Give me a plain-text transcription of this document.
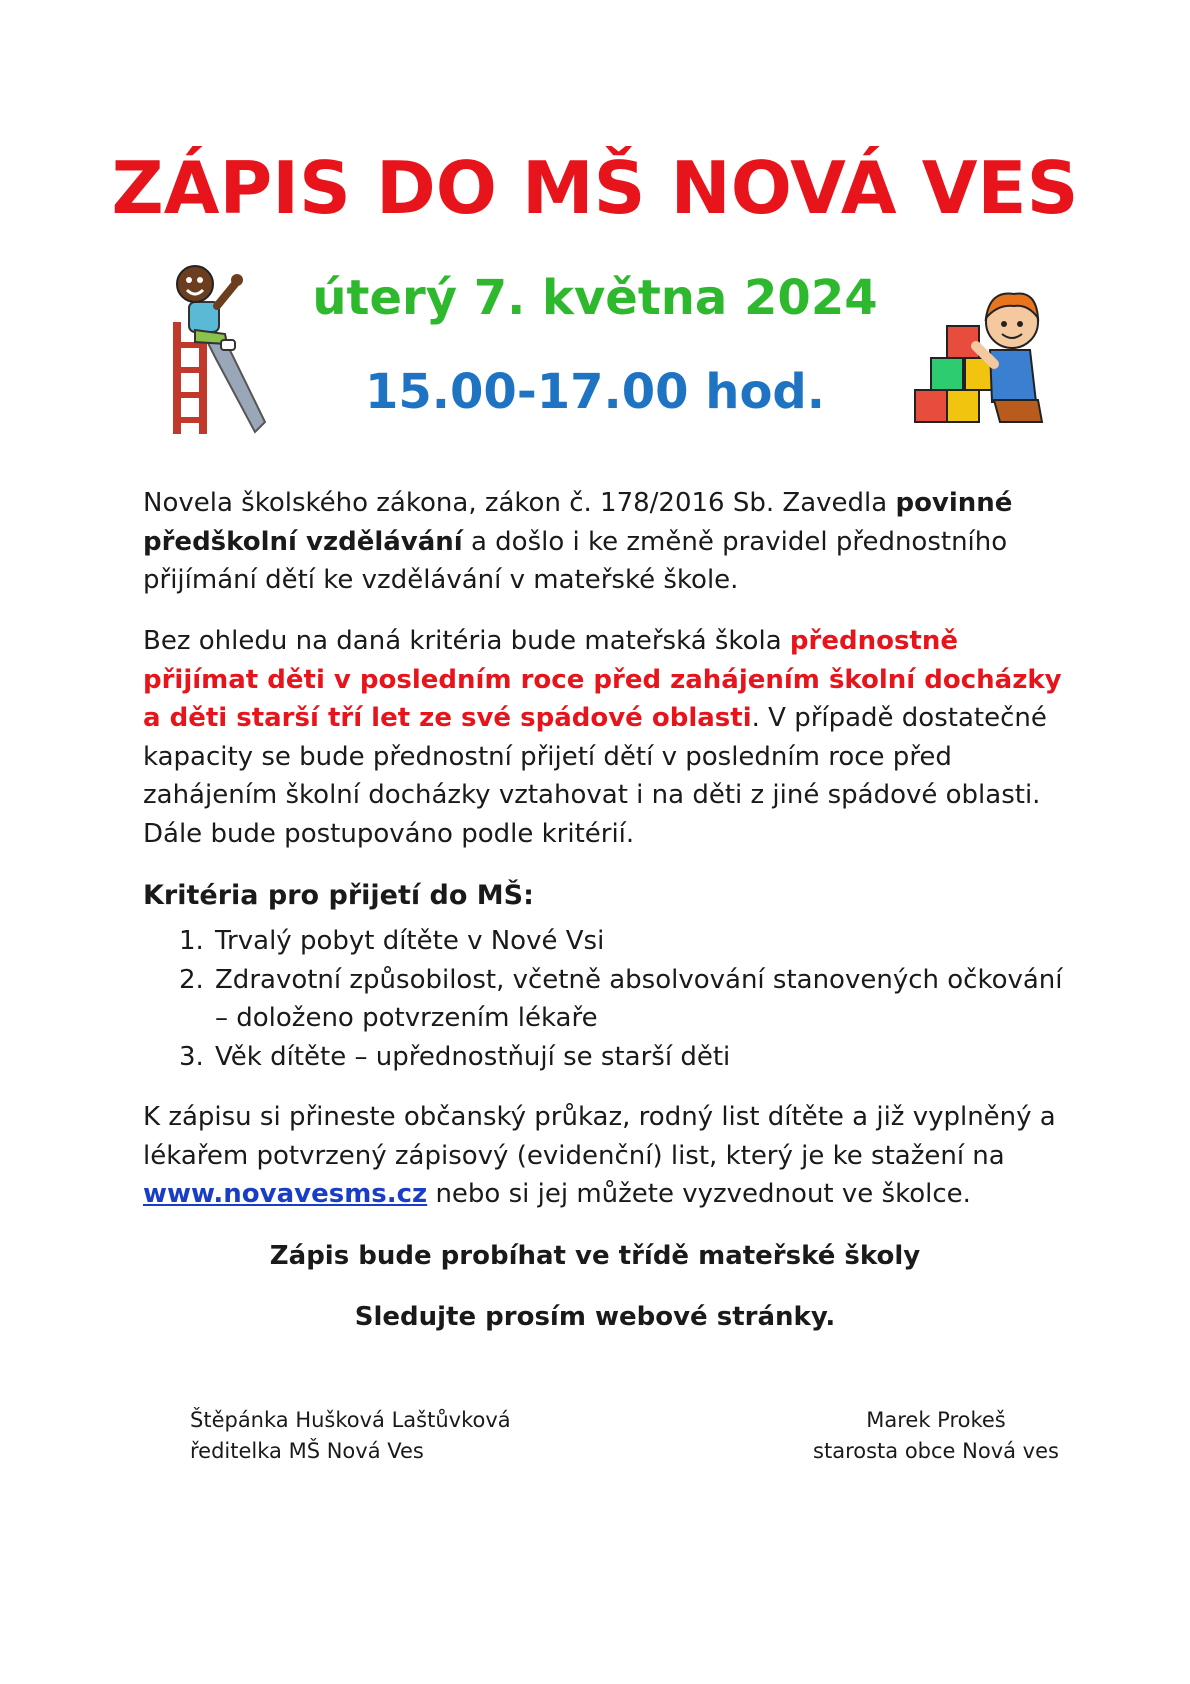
ZÁPIS DO MŠ NOVÁ VES
úterý 7. května 2024
15.00-17.00 hod.
Novela školského zákona, zákon č. 178/2016 Sb. Zavedla povinné předškolní vzdělávání a došlo i ke změně pravidel přednostního přijímání dětí ke vzdělávání v mateřské škole.
Bez ohledu na daná kritéria bude mateřská škola přednostně přijímat děti v posledním roce před zahájením školní docházky a děti starší tří let ze své spádové oblasti. V případě dostatečné kapacity se bude přednostní přijetí dětí v posledním roce před zahájením školní docházky vztahovat i na děti z jiné spádové oblasti. Dále bude postupováno podle kritérií.
Kritéria pro přijetí do MŠ:
1. Trvalý pobyt dítěte v Nové Vsi
2. Zdravotní způsobilost, včetně absolvování stanovených očkování – doloženo potvrzením lékaře
3. Věk dítěte – upřednostňují se starší děti
K zápisu si přineste občanský průkaz, rodný list dítěte a již vyplněný a lékařem potvrzený zápisový (evidenční) list, který je ke stažení na www.novavesms.cz nebo si jej můžete vyzvednout ve školce.
Zápis bude probíhat ve třídě mateřské školy
Sledujte prosím webové stránky.
Štěpánka Hušková Laštůvková
ředitelka MŠ Nová Ves
Marek Prokeš
starosta obce Nová ves
